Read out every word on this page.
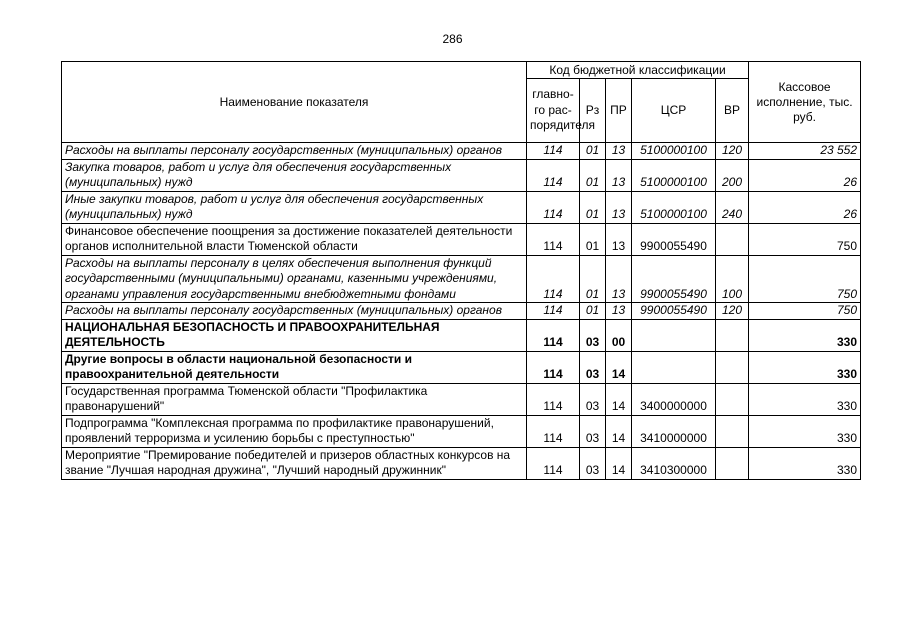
286
Наименование показателя	Код бюджетной классификации					Кассовое исполнение, тыс. руб.
	главно-го рас-порядителя	Рз	ПР	ЦСР	ВР	
Расходы на выплаты персоналу государственных (муниципальных) органов	114	01	13	5100000100	120	23 552
Закупка товаров, работ и услуг для обеспечения государственных (муниципальных) нужд	114	01	13	5100000100	200	26
Иные закупки товаров, работ и услуг для обеспечения государственных (муниципальных) нужд	114	01	13	5100000100	240	26
Финансовое обеспечение поощрения за достижение показателей деятельности органов исполнительной власти Тюменской области	114	01	13	9900055490		750
Расходы на выплаты персоналу в целях обеспечения выполнения функций государственными (муниципальными) органами, казенными учреждениями, органами управления государственными внебюджетными фондами	114	01	13	9900055490	100	750
Расходы на выплаты персоналу государственных (муниципальных) органов	114	01	13	9900055490	120	750
НАЦИОНАЛЬНАЯ БЕЗОПАСНОСТЬ И ПРАВООХРАНИТЕЛЬНАЯ ДЕЯТЕЛЬНОСТЬ	114	03	00			330
Другие вопросы в области национальной безопасности и правоохранительной деятельности	114	03	14			330
Государственная программа Тюменской области "Профилактика правонарушений"	114	03	14	3400000000		330
Подпрограмма "Комплексная программа по профилактике правонарушений, проявлений терроризма и усилению борьбы с преступностью"	114	03	14	3410000000		330
Мероприятие "Премирование победителей и призеров областных конкурсов на звание "Лучшая народная дружина", "Лучший народный дружинник"	114	03	14	3410300000		330
